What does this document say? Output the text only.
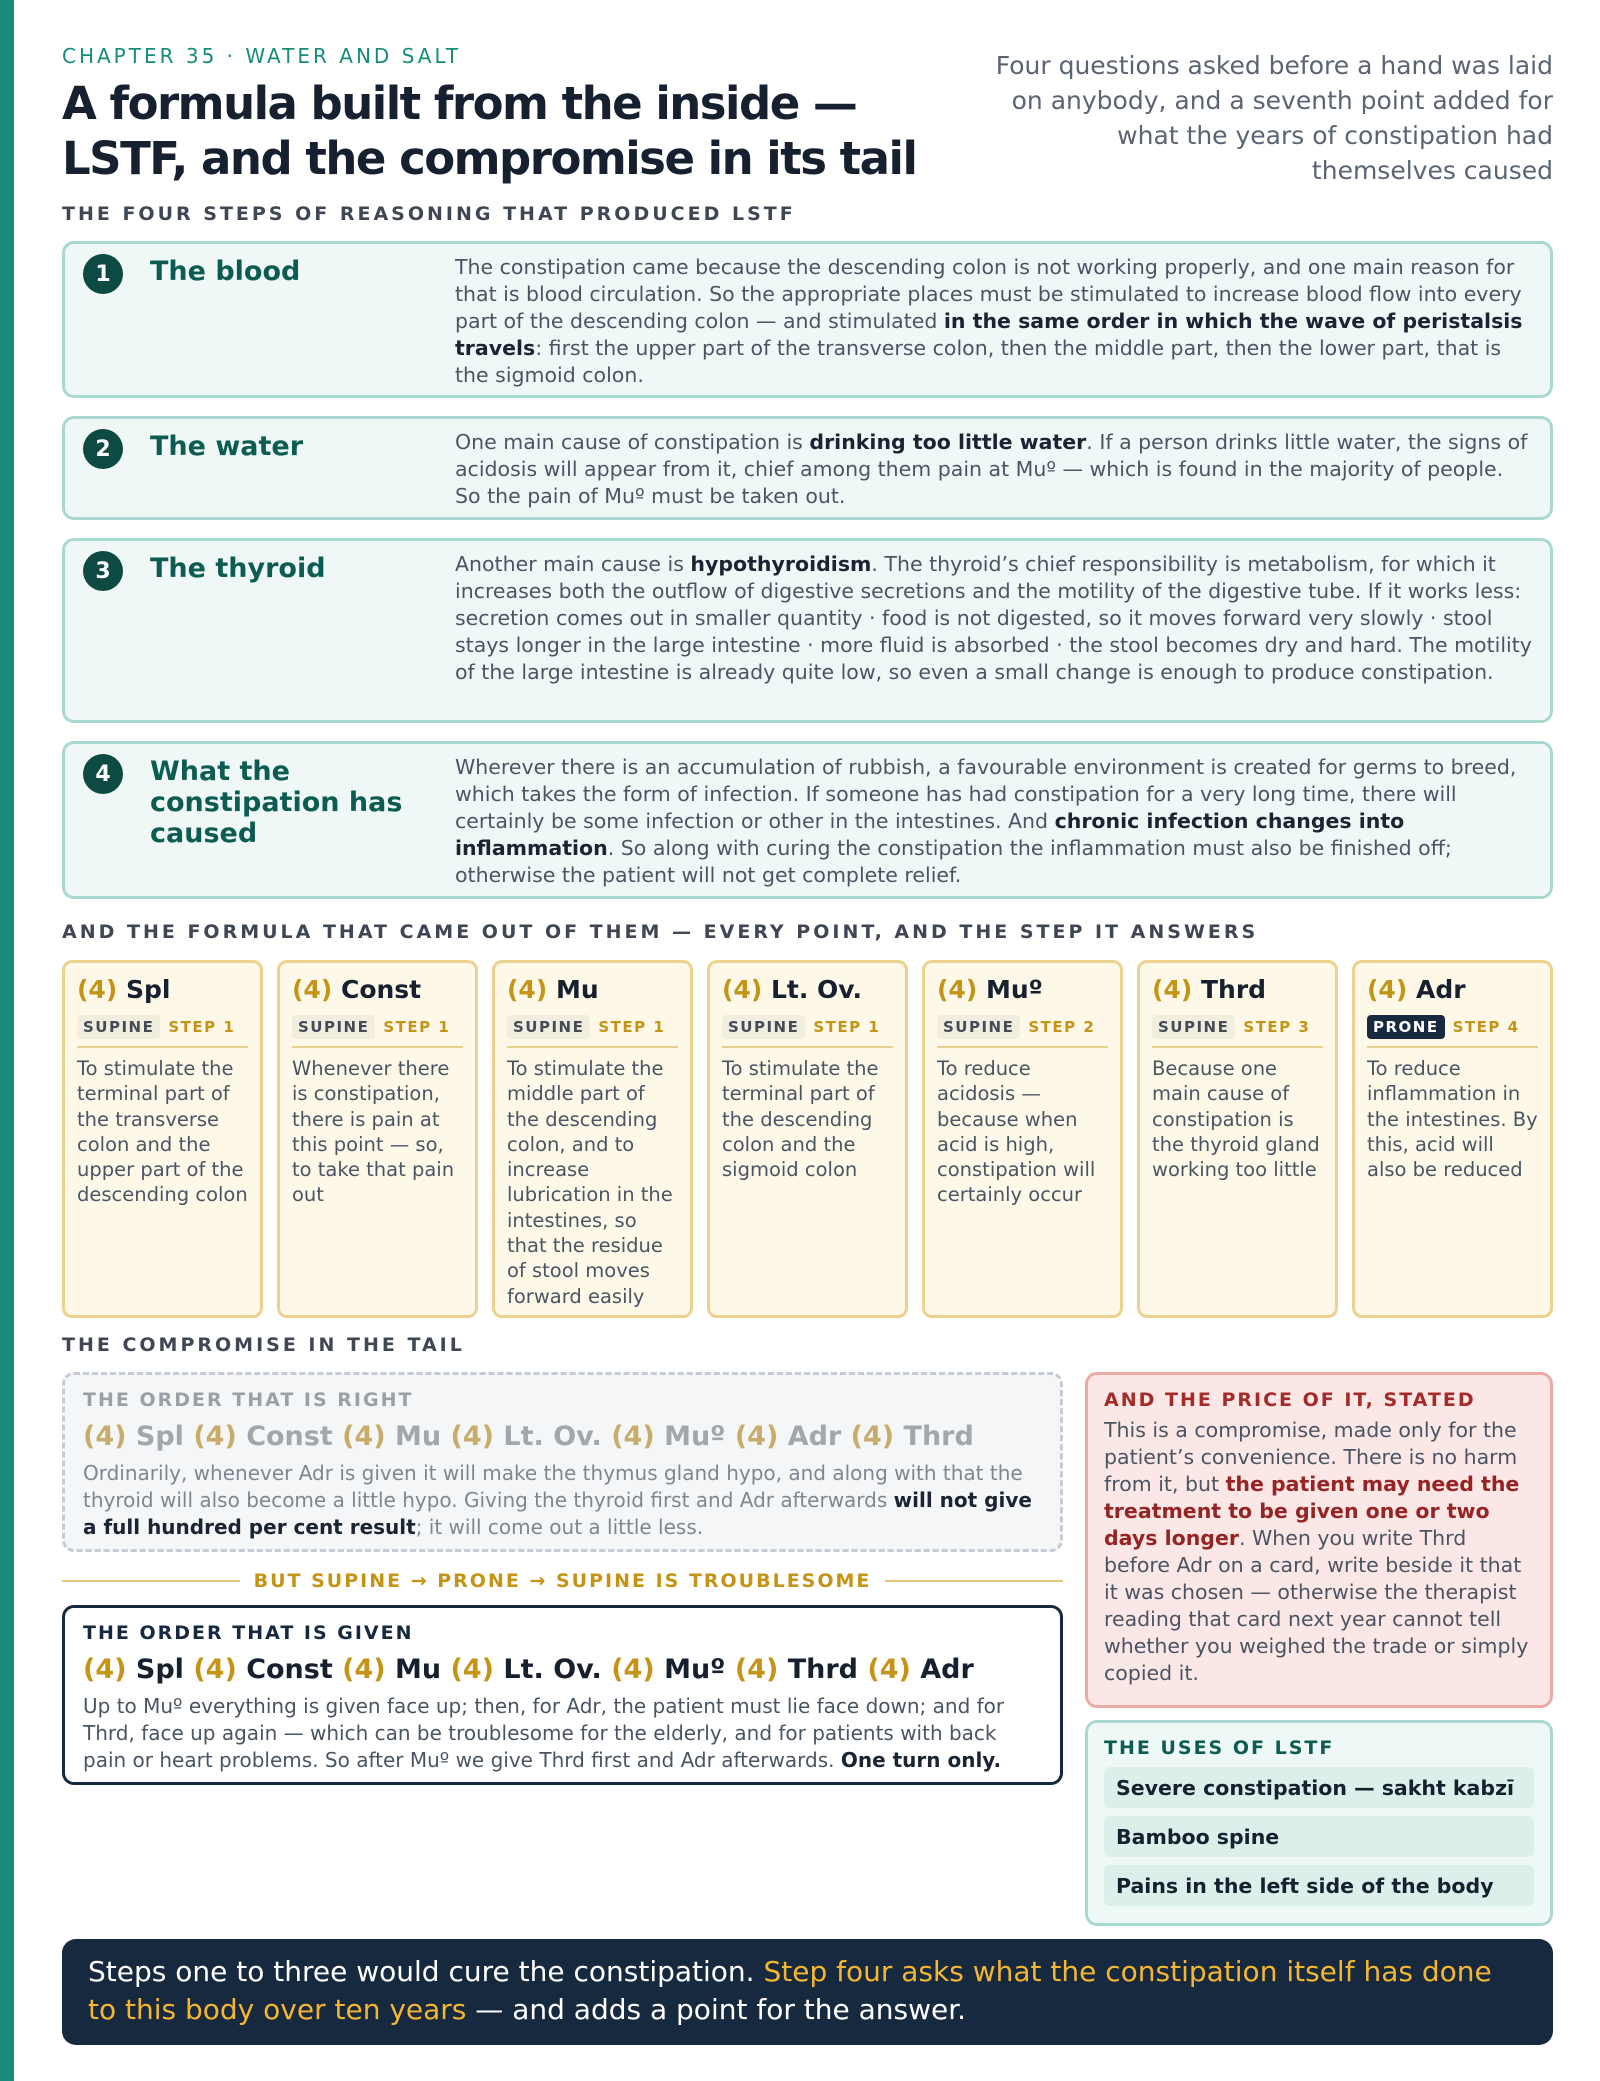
CHAPTER 35 · WATER AND SALT
A formula built from the inside —
LSTF, and the compromise in its tail

Four questions asked before a hand was laid on anybody, and a seventh point added for what the years of constipation had themselves caused

THE FOUR STEPS OF REASONING THAT PRODUCED LSTF
1	The blood	The constipation came because the descending colon is not working properly, and one main reason for that is blood circulation. So the appropriate places must be stimulated to increase blood flow into every part of the descending colon — and stimulated in the same order in which the wave of peristalsis travels: first the upper part of the transverse colon, then the middle part, then the lower part, that is the sigmoid colon.

2	The water	One main cause of constipation is drinking too little water. If a person drinks little water, the signs of acidosis will appear from it, chief among them pain at Muº — which is found in the majority of people. So the pain of Muº must be taken out.

3	The thyroid	Another main cause is hypothyroidism. The thyroid’s chief responsibility is metabolism, for which it increases both the outflow of digestive secretions and the motility of the digestive tube. If it works less: secretion comes out in smaller quantity · food is not digested, so it moves forward very slowly · stool stays longer in the large intestine · more fluid is absorbed · the stool becomes dry and hard. The motility of the large intestine is already quite low, so even a small change is enough to produce constipation.

4	What the constipation has caused

Wherever there is an accumulation of rubbish, a favourable environment is created for germs to breed, which takes the form of infection. If someone has had constipation for a very long time, there will certainly be some infection or other in the intestines. And chronic infection changes into inflammation. So along with curing the constipation the inflammation must also be finished off; otherwise the patient will not get complete relief.

AND THE FORMULA THAT CAME OUT OF THEM — EVERY POINT, AND THE STEP IT ANSWERS
(4) Spl
SUPINE STEP 1

To stimulate the terminal part of the transverse colon and the upper part of the descending colon

(4) Const
SUPINE STEP 1

Whenever there is constipation, there is pain at this point — so, to take that pain out

(4) Mu
SUPINE STEP 1

To stimulate the middle part of the descending colon, and to increase lubrication in the intestines, so that the residue of stool moves forward easily

(4) Lt. Ov.
SUPINE STEP 1

To stimulate the terminal part of the descending colon and the sigmoid colon

(4) Muº
SUPINE STEP 2

To reduce acidosis — because when acid is high, constipation will certainly occur

(4) Thrd
SUPINE STEP 3

Because one main cause of constipation is the thyroid gland working too little

(4) Adr
PRONE STEP 4

To reduce inflammation in the intestines. By this, acid will also be reduced

THE COMPROMISE IN THE TAIL
THE ORDER THAT IS RIGHT
(4) Spl (4) Const (4) Mu (4) Lt. Ov. (4) Muº (4) Adr (4) Thrd

Ordinarily, whenever Adr is given it will make the thymus gland hypo, and along with that the thyroid will also become a little hypo. Giving the thyroid first and Adr afterwards will not give a full hundred per cent result; it will come out a little less.

BUT SUPINE → PRONE → SUPINE IS TROUBLESOME
THE ORDER THAT IS GIVEN
(4) Spl (4) Const (4) Mu (4) Lt. Ov. (4) Muº (4) Thrd (4) Adr

Up to Muº everything is given face up; then, for Adr, the patient must lie face down; and for Thrd, face up again — which can be troublesome for the elderly, and for patients with back pain or heart problems. So after Muº we give Thrd first and Adr afterwards. One turn only.

AND THE PRICE OF IT, STATED

This is a compromise, made only for the patient’s convenience. There is no harm from it, but the patient may need the treatment to be given one or two days longer. When you write Thrd before Adr on a card, write beside it that it was chosen — otherwise the therapist reading that card next year cannot tell whether you weighed the trade or simply copied it.

THE USES OF LSTF
Severe constipation — sakht kabzī
Bamboo spine
Pains in the left side of the body
Steps one to three would cure the constipation. Step four asks what the constipation itself has done to this body over ten years — and adds a point for the answer.
